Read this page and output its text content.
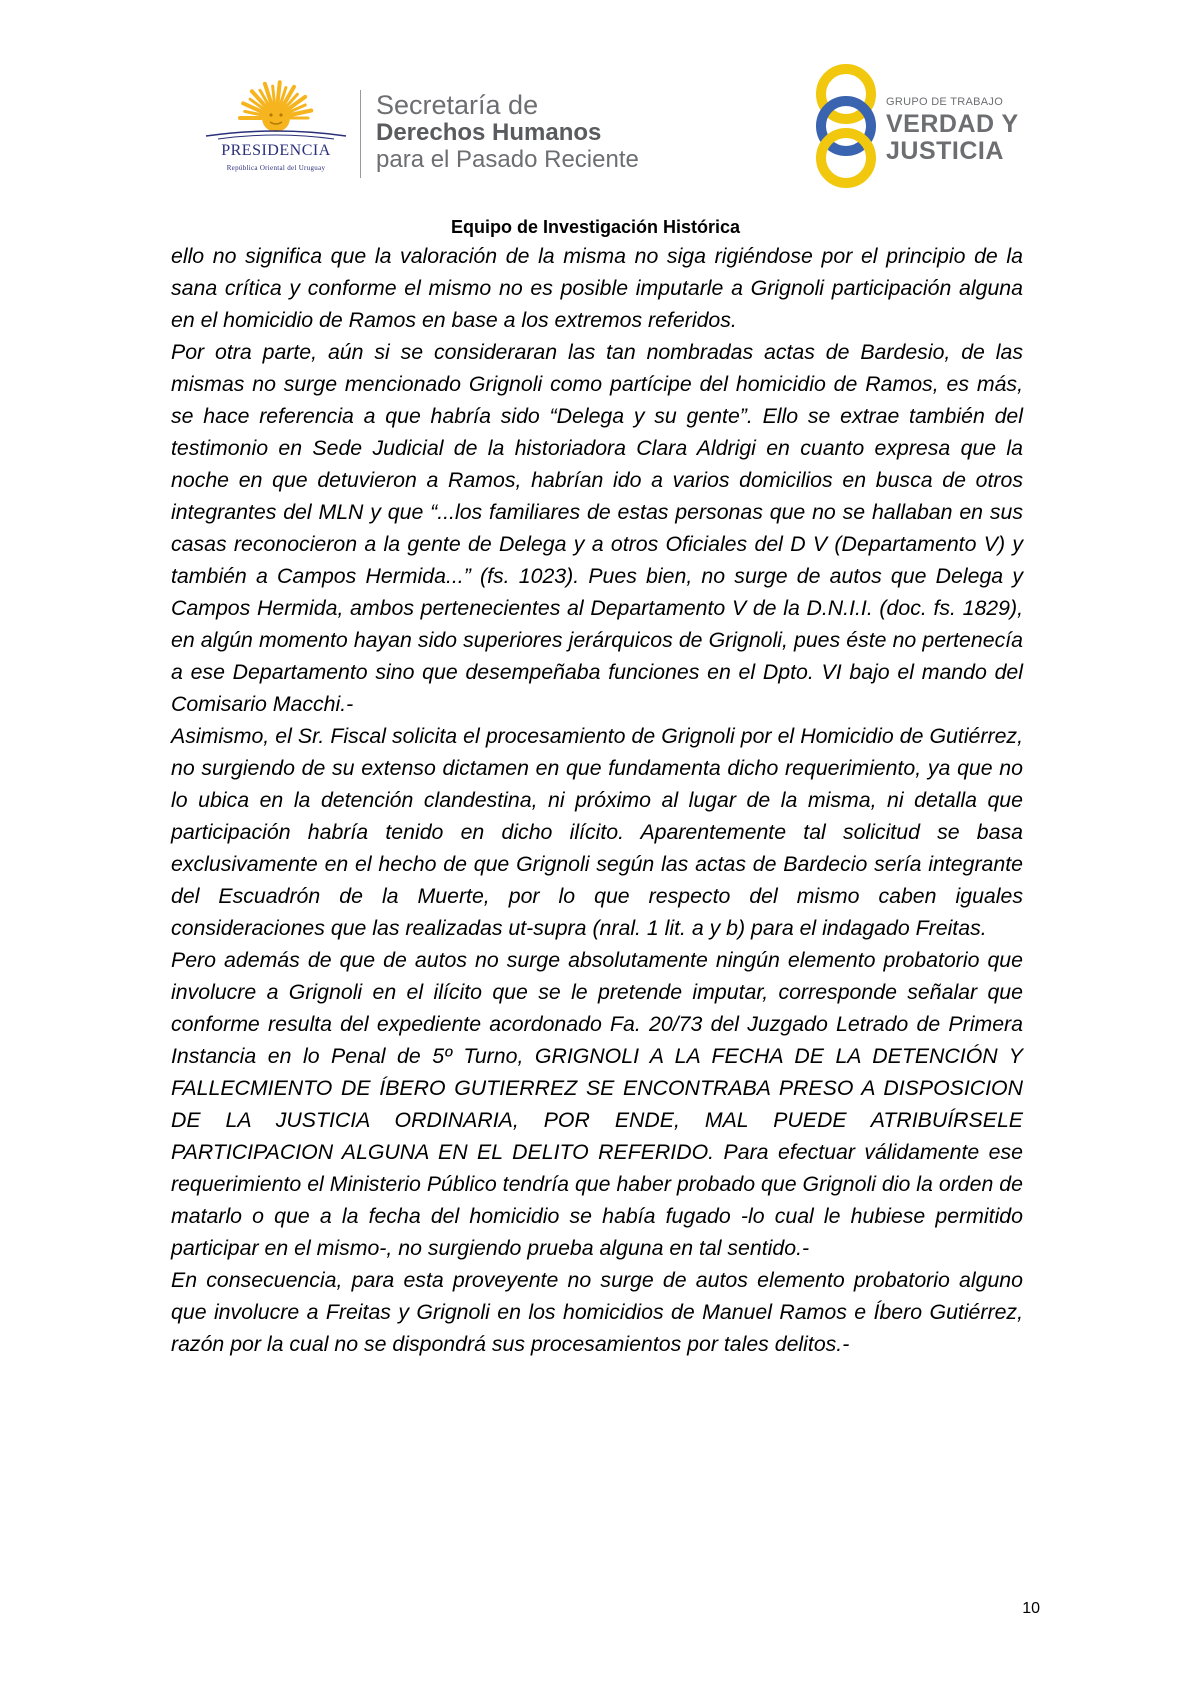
PRESIDENCIA
República Oriental del Uruguay
Secretaría de
Derechos Humanos
para el Pasado Reciente
GRUPO DE TRABAJO
VERDAD Y
JUSTICIA
Equipo de Investigación Histórica

ello no significa que la valoración de la misma no siga rigiéndose por el principio de la sana crítica y conforme el mismo no es posible imputarle a Grignoli participación alguna en el homicidio de Ramos en base a los extremos referidos.

Por otra parte, aún si se consideraran las tan nombradas actas de Bardesio, de las mismas no surge mencionado Grignoli como partícipe del homicidio de Ramos, es más, se hace referencia a que habría sido “Delega y su gente”. Ello se extrae también del testimonio en Sede Judicial de la historiadora Clara Aldrigi en cuanto expresa que la noche en que detuvieron a Ramos, habrían ido a varios domicilios en busca de otros integrantes del MLN y que “...los familiares de estas personas que no se hallaban en sus casas reconocieron a la gente de Delega y a otros Oficiales del D V (Departamento V) y también a Campos Hermida...” (fs. 1023). Pues bien, no surge de autos que Delega y Campos Hermida, ambos pertenecientes al Departamento V de la D.N.I.I. (doc. fs. 1829), en algún momento hayan sido superiores jerárquicos de Grignoli, pues éste no pertenecía a ese Departamento sino que desempeñaba funciones en el Dpto. VI bajo el mando del Comisario Macchi.-

Asimismo, el Sr. Fiscal solicita el procesamiento de Grignoli por el Homicidio de Gutiérrez, no surgiendo de su extenso dictamen en que fundamenta dicho requerimiento, ya que no lo ubica en la detención clandestina, ni próximo al lugar de la misma, ni detalla que participación habría tenido en dicho ilícito. Aparentemente tal solicitud se basa exclusivamente en el hecho de que Grignoli según las actas de Bardecio sería integrante del Escuadrón de la Muerte, por lo que respecto del mismo caben iguales consideraciones que las realizadas ut-supra (nral. 1 lit. a y b) para el indagado Freitas.

Pero además de que de autos no surge absolutamente ningún elemento probatorio que involucre a Grignoli en el ilícito que se le pretende imputar, corresponde señalar que conforme resulta del expediente acordonado Fa. 20/73 del Juzgado Letrado de Primera Instancia en lo Penal de 5º Turno, GRIGNOLI A LA FECHA DE LA DETENCIÓN Y FALLECMIENTO DE ÍBERO GUTIERREZ SE ENCONTRABA PRESO A DISPOSICION DE LA JUSTICIA ORDINARIA, POR ENDE, MAL PUEDE ATRIBUÍRSELE PARTICIPACION ALGUNA EN EL DELITO REFERIDO. Para efectuar válidamente ese requerimiento el Ministerio Público tendría que haber probado que Grignoli dio la orden de matarlo o que a la fecha del homicidio se había fugado -lo cual le hubiese permitido participar en el mismo-, no surgiendo prueba alguna en tal sentido.-

En consecuencia, para esta proveyente no surge de autos elemento probatorio alguno que involucre a Freitas y Grignoli en los homicidios de Manuel Ramos e Íbero Gutiérrez, razón por la cual no se dispondrá sus procesamientos por tales delitos.-

10
